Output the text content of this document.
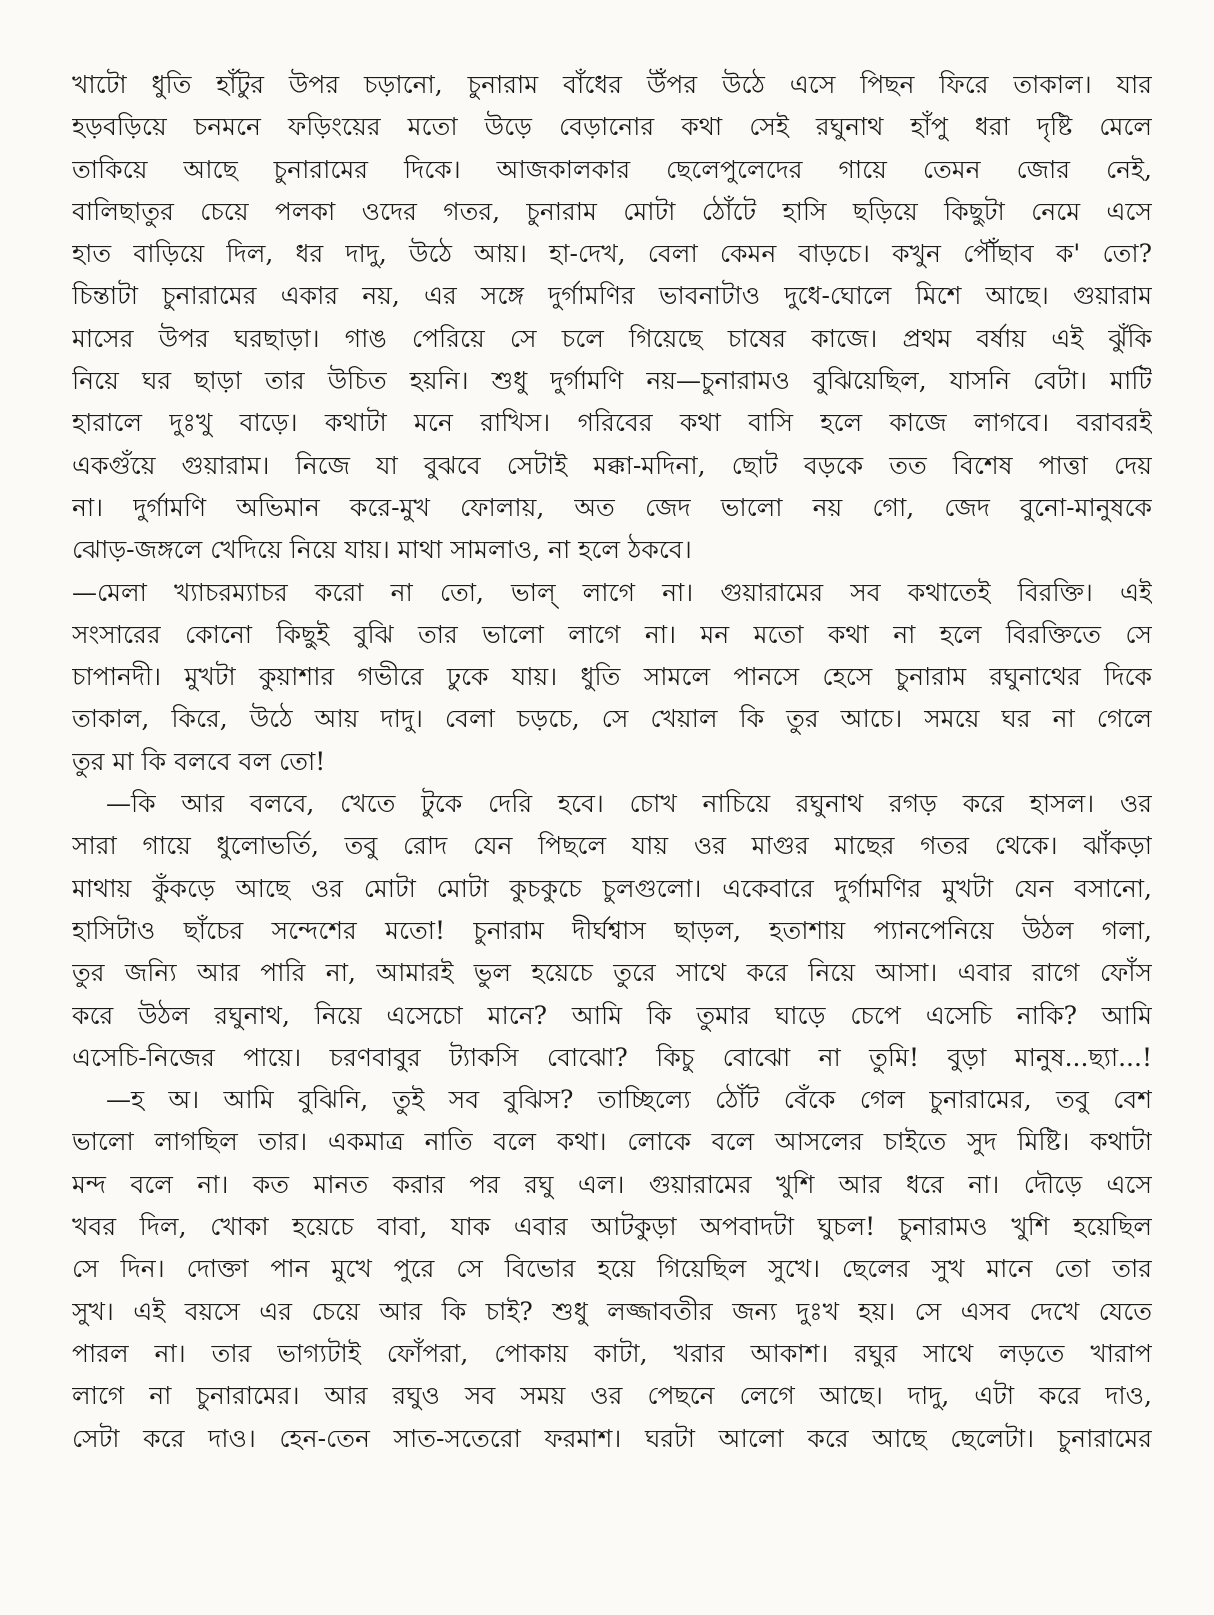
খাটো ধুতি হাঁটুর উপর চড়ানো, চুনারাম বাঁধের উঁপর উঠে এসে পিছন ফিরে তাকাল। যার
হড়বড়িয়ে চনমনে ফড়িংয়ের মতো উড়ে বেড়ানোর কথা সেই রঘুনাথ হাঁপু ধরা দৃষ্টি মেলে
তাকিয়ে আছে চুনারামের দিকে। আজকালকার ছেলেপুলেদের গায়ে তেমন জোর নেই,
বালিছাতুর চেয়ে পলকা ওদের গতর, চুনারাম মোটা ঠোঁটে হাসি ছড়িয়ে কিছুটা নেমে এসে
হাত বাড়িয়ে দিল, ধর দাদু, উঠে আয়। হা-দেখ, বেলা কেমন বাড়চে। কখুন পৌঁছাব ক' তো?
চিন্তাটা চুনারামের একার নয়, এর সঙ্গে দুর্গামণির ভাবনাটাও দুধে-ঘোলে মিশে আছে। গুয়ারাম
মাসের উপর ঘরছাড়া। গাঙ পেরিয়ে সে চলে গিয়েছে চাষের কাজে। প্রথম বর্ষায় এই ঝুঁকি
নিয়ে ঘর ছাড়া তার উচিত হয়নি। শুধু দুর্গামণি নয়—চুনারামও বুঝিয়েছিল, যাসনি বেটা। মাটি
হারালে দুঃখু বাড়ে। কথাটা মনে রাখিস। গরিবের কথা বাসি হলে কাজে লাগবে। বরাবরই
একগুঁয়ে গুয়ারাম। নিজে যা বুঝবে সেটাই মক্কা-মদিনা, ছোট বড়কে তত বিশেষ পাত্তা দেয়
না। দুর্গামণি অভিমান করে-মুখ ফোলায়, অত জেদ ভালো নয় গো, জেদ বুনো-মানুষকে
ঝোড়-জঙ্গলে খেদিয়ে নিয়ে যায়। মাথা সামলাও, না হলে ঠকবে।
—মেলা খ্যাচরম্যাচর করো না তো, ভাল্ লাগে না। গুয়ারামের সব কথাতেই বিরক্তি। এই
সংসারের কোনো কিছুই বুঝি তার ভালো লাগে না। মন মতো কথা না হলে বিরক্তিতে সে
চাপানদী। মুখটা কুয়াশার গভীরে ঢুকে যায়। ধুতি সামলে পানসে হেসে চুনারাম রঘুনাথের দিকে
তাকাল, কিরে, উঠে আয় দাদু। বেলা চড়চে, সে খেয়াল কি তুর আচে। সময়ে ঘর না গেলে
তুর মা কি বলবে বল তো!
—কি আর বলবে, খেতে টুকে দেরি হবে। চোখ নাচিয়ে রঘুনাথ রগড় করে হাসল। ওর
সারা গায়ে ধুলোভর্তি, তবু রোদ যেন পিছলে যায় ওর মাগুর মাছের গতর থেকে। ঝাঁকড়া
মাথায় কুঁকড়ে আছে ওর মোটা মোটা কুচকুচে চুলগুলো। একেবারে দুর্গামণির মুখটা যেন বসানো,
হাসিটাও ছাঁচের সন্দেশের মতো! চুনারাম দীর্ঘশ্বাস ছাড়ল, হতাশায় প্যানপেনিয়ে উঠল গলা,
তুর জন্যি আর পারি না, আমারই ভুল হয়েচে তুরে সাথে করে নিয়ে আসা। এবার রাগে ফোঁস
করে উঠল রঘুনাথ, নিয়ে এসেচো মানে? আমি কি তুমার ঘাড়ে চেপে এসেচি নাকি? আমি
এসেচি-নিজের পায়ে। চরণবাবুর ট্যাকসি বোঝো? কিচু বোঝো না তুমি! বুড়া মানুষ...ছ্যা...!
—হ অ। আমি বুঝিনি, তুই সব বুঝিস? তাচ্ছিল্যে ঠোঁট বেঁকে গেল চুনারামের, তবু বেশ
ভালো লাগছিল তার। একমাত্র নাতি বলে কথা। লোকে বলে আসলের চাইতে সুদ মিষ্টি। কথাটা
মন্দ বলে না। কত মানত করার পর রঘু এল। গুয়ারামের খুশি আর ধরে না। দৌড়ে এসে
খবর দিল, খোকা হয়েচে বাবা, যাক এবার আটকুড়া অপবাদটা ঘুচল! চুনারামও খুশি হয়েছিল
সে দিন। দোক্তা পান মুখে পুরে সে বিভোর হয়ে গিয়েছিল সুখে। ছেলের সুখ মানে তো তার
সুখ। এই বয়সে এর চেয়ে আর কি চাই? শুধু লজ্জাবতীর জন্য দুঃখ হয়। সে এসব দেখে যেতে
পারল না। তার ভাগ্যটাই ফোঁপরা, পোকায় কাটা, খরার আকাশ। রঘুর সাথে লড়তে খারাপ
লাগে না চুনারামের। আর রঘুও সব সময় ওর পেছনে লেগে আছে। দাদু, এটা করে দাও,
সেটা করে দাও। হেন-তেন সাত-সতেরো ফরমাশ। ঘরটা আলো করে আছে ছেলেটা। চুনারামের
